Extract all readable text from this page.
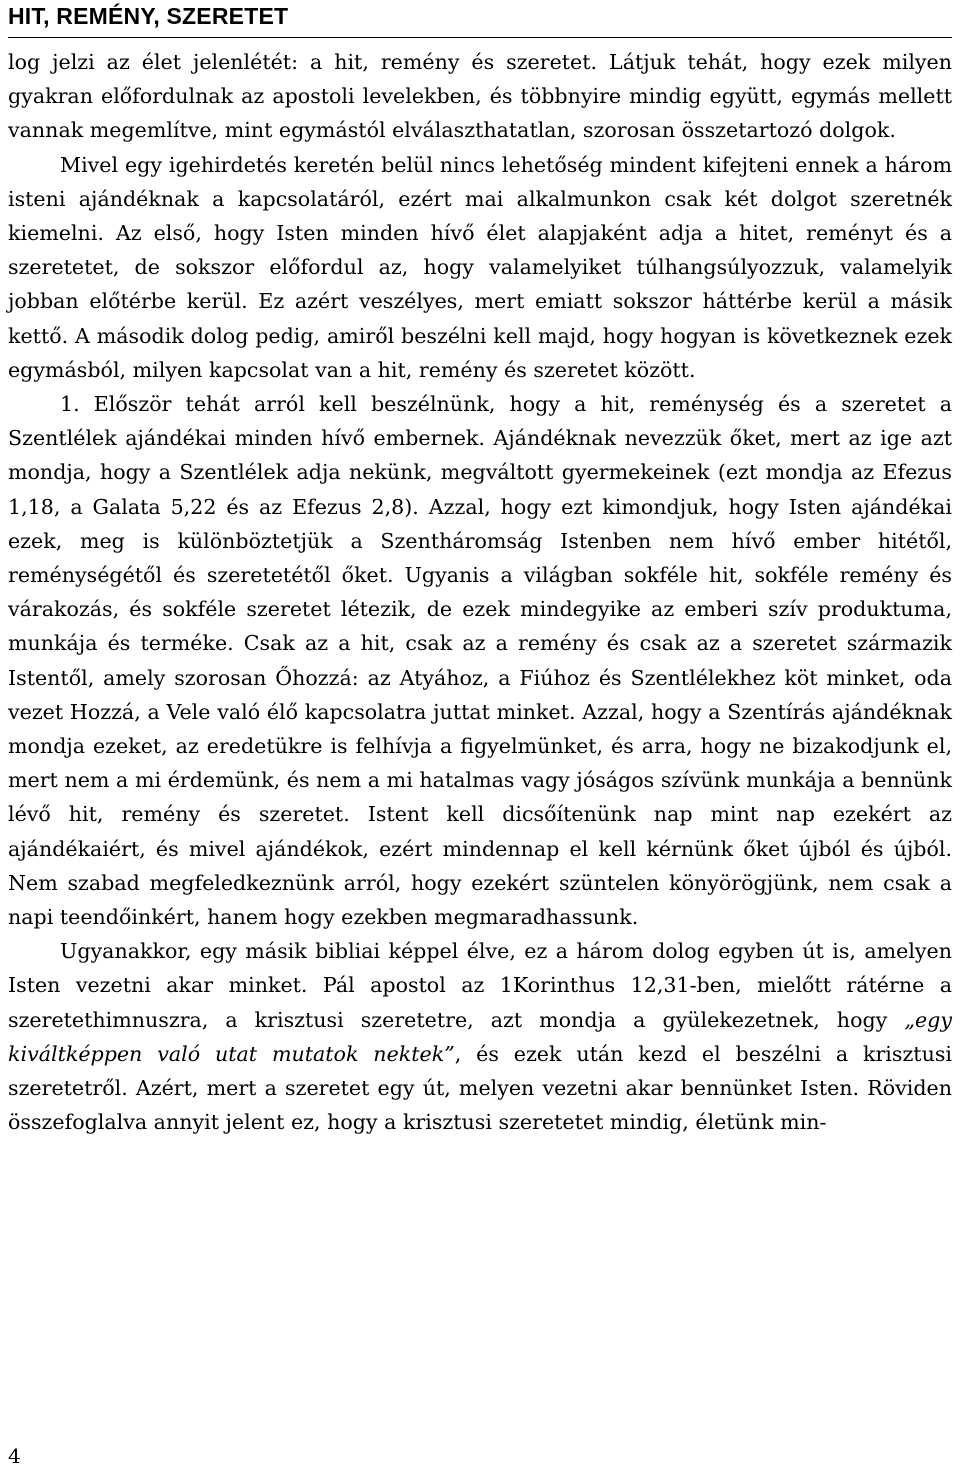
HIT, REMÉNY, SZERETET

log jelzi az élet jelenlétét: a hit, remény és szeretet. Látjuk tehát, hogy ezek milyen gyakran előfordulnak az apostoli levelekben, és többnyire mindig együtt, egymás mellett vannak megemlítve, mint egymástól elválaszthatatlan, szorosan összetartozó dolgok.

Mivel egy igehirdetés keretén belül nincs lehetőség mindent kifejteni ennek a három isteni ajándéknak a kapcsolatáról, ezért mai alkalmunkon csak két dolgot szeretnék kiemelni. Az első, hogy Isten minden hívő élet alapjaként adja a hitet, reményt és a szeretetet, de sokszor előfordul az, hogy valamelyiket túlhangsúlyozzuk, valamelyik jobban előtérbe kerül. Ez azért veszélyes, mert emiatt sokszor háttérbe kerül a másik kettő. A második dolog pedig, amiről beszélni kell majd, hogy hogyan is következnek ezek egymásból, milyen kapcsolat van a hit, remény és szeretet között.

1. Először tehát arról kell beszélnünk, hogy a hit, reménység és a szeretet a Szentlélek ajándékai minden hívő embernek. Ajándéknak nevezzük őket, mert az ige azt mondja, hogy a Szentlélek adja nekünk, megváltott gyermekeinek (ezt mondja az Efezus 1,18, a Galata 5,22 és az Efezus 2,8). Azzal, hogy ezt kimondjuk, hogy Isten ajándékai ezek, meg is különböztetjük a Szentháromság Istenben nem hívő ember hitétől, reménységétől és szeretetétől őket. Ugyanis a világban sokféle hit, sokféle remény és várakozás, és sokféle szeretet létezik, de ezek mindegyike az emberi szív produktuma, munkája és terméke. Csak az a hit, csak az a remény és csak az a szeretet származik Istentől, amely szorosan Őhozzá: az Atyához, a Fiúhoz és Szentlélekhez köt minket, oda vezet Hozzá, a Vele való élő kapcsolatra juttat minket. Azzal, hogy a Szentírás ajándéknak mondja ezeket, az eredetükre is felhívja a figyelmünket, és arra, hogy ne bizakodjunk el, mert nem a mi érdemünk, és nem a mi hatalmas vagy jóságos szívünk munkája a bennünk lévő hit, remény és szeretet. Istent kell dicsőítenünk nap mint nap ezekért az ajándékaiért, és mivel ajándékok, ezért mindennap el kell kérnünk őket újból és újból. Nem szabad megfeledkeznünk arról, hogy ezekért szüntelen könyörögjünk, nem csak a napi teendőinkért, hanem hogy ezekben megmaradhassunk.

Ugyanakkor, egy másik bibliai képpel élve, ez a három dolog egyben út is, amelyen Isten vezetni akar minket. Pál apostol az 1Korinthus 12,31-ben, mielőtt rátérne a szeretethimnuszra, a krisztusi szeretetre, azt mondja a gyülekezetnek, hogy „egy kiváltképpen való utat mutatok nektek”, és ezek után kezd el beszélni a krisztusi szeretetről. Azért, mert a szeretet egy út, melyen vezetni akar bennünket Isten. Röviden összefoglalva annyit jelent ez, hogy a krisztusi szeretetet mindig, életünk min-

4
